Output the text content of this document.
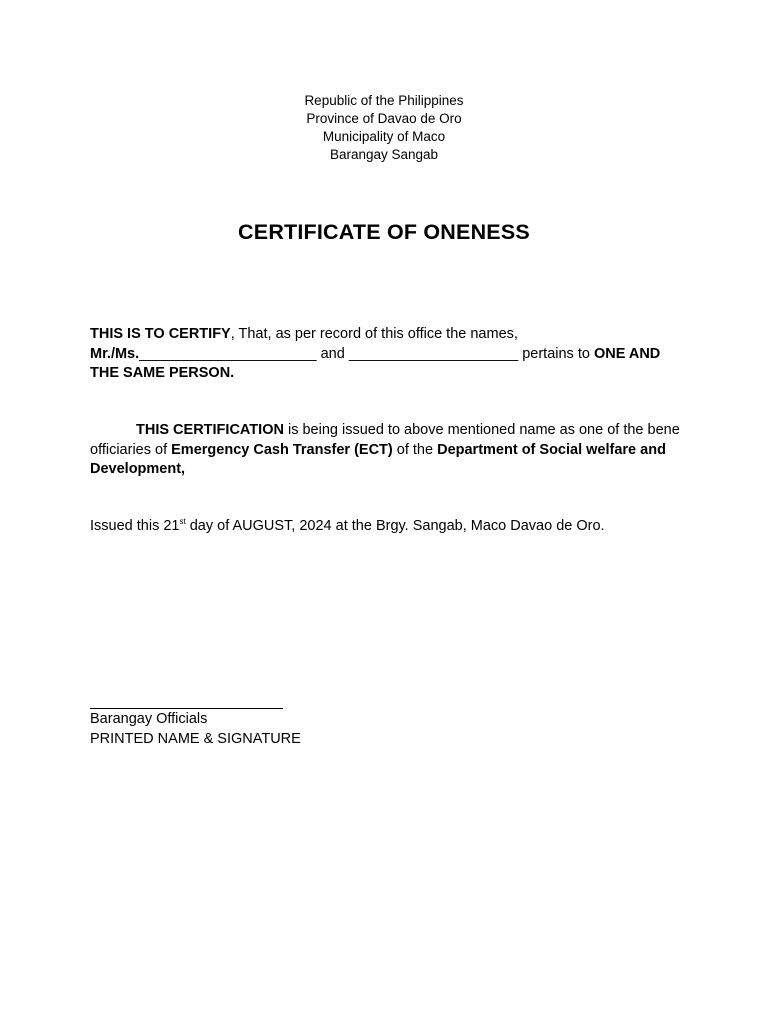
Republic of the Philippines
Province of Davao de Oro
Municipality of Maco
Barangay Sangab
CERTIFICATE OF ONENESS
THIS IS TO CERTIFY, That, as per record of this office the names,
Mr./Ms.______________________ and _____________________ pertains to ONE AND THE SAME PERSON.
THIS CERTIFICATION is being issued to above mentioned name as one of the bene officiaries of Emergency Cash Transfer (ECT) of the Department of Social welfare and Development,
Issued this 21st day of AUGUST, 2024 at the Brgy. Sangab, Maco Davao de Oro.
Barangay Officials
PRINTED NAME & SIGNATURE
